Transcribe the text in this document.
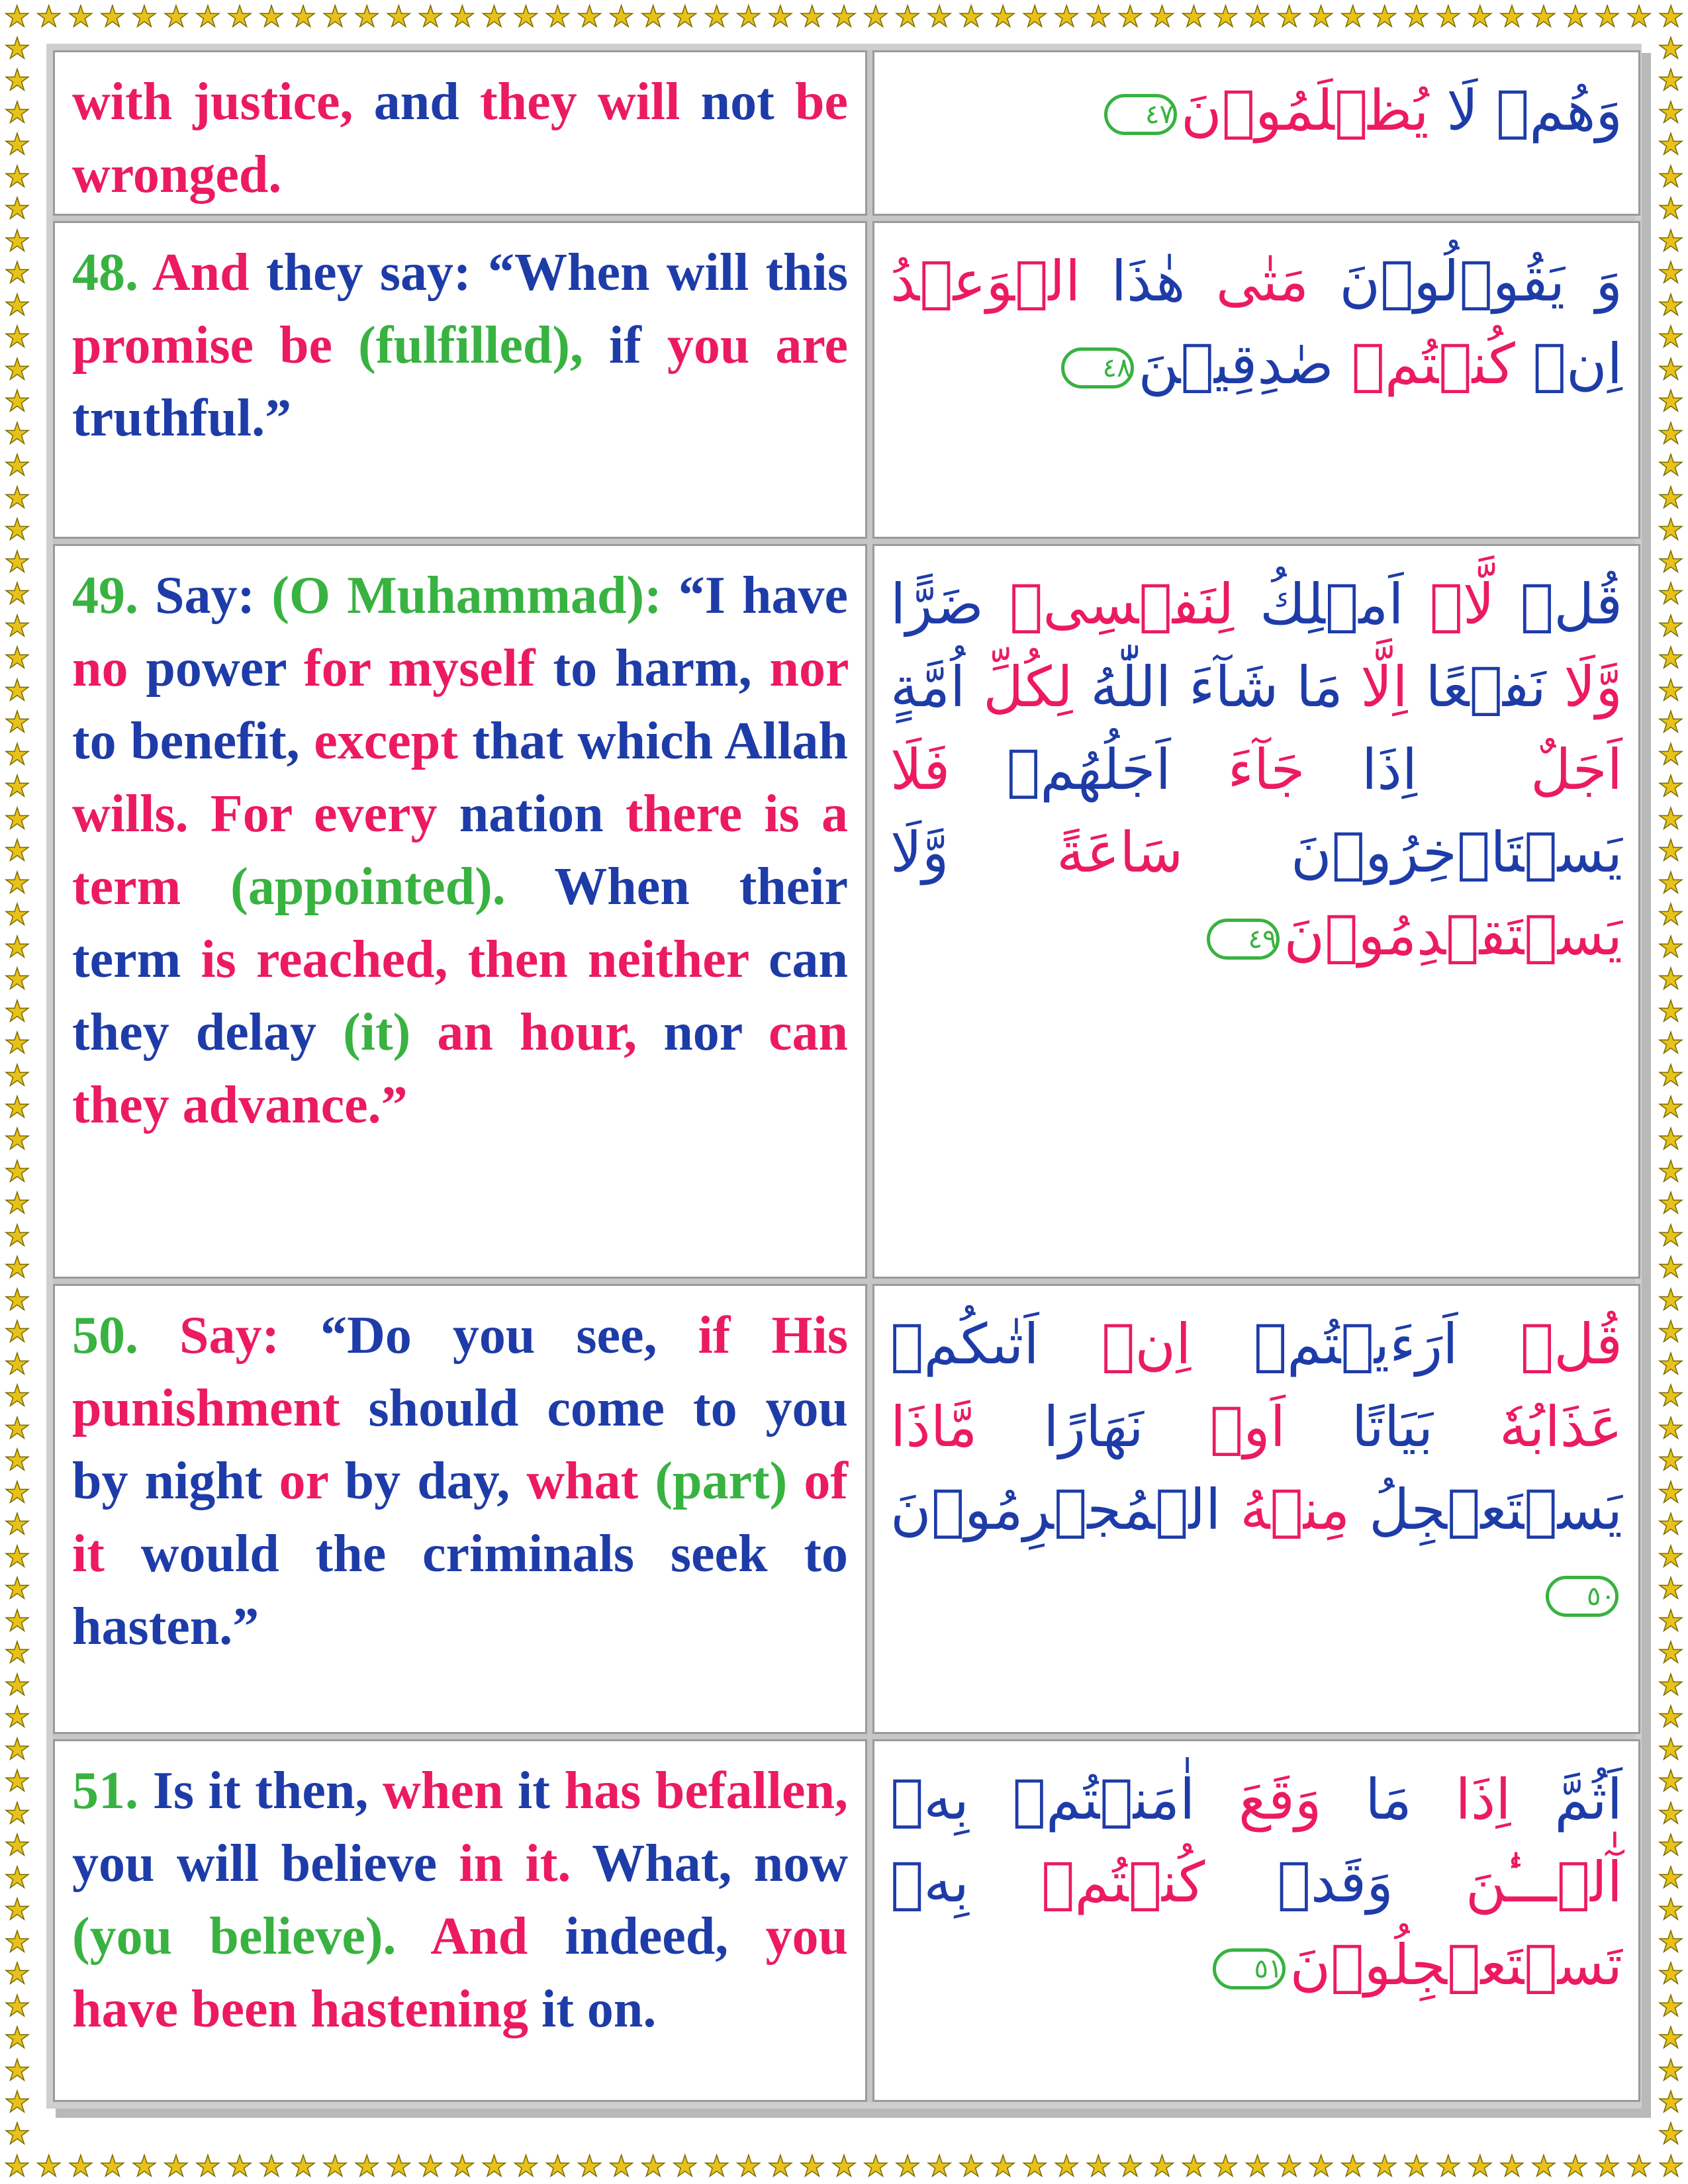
★ ★ ★ ★ ★ ★ ★ ★ ★ ★ ★ ★ ★ ★ ★ ★ ★ ★ ★ ★ ★ ★ ★ ★ ★ ★ ★ ★ ★ ★ ★ ★ ★ ★ ★ ★ ★ ★ ★ ★ ★ ★ ★ ★ ★ ★ ★ ★ ★ ★ ★ ★ ★
★ ★ ★ ★ ★ ★ ★ ★ ★ ★ ★ ★ ★ ★ ★ ★ ★ ★ ★ ★ ★ ★ ★ ★ ★ ★ ★ ★ ★ ★ ★ ★ ★ ★ ★ ★ ★ ★ ★ ★ ★ ★ ★ ★ ★ ★ ★ ★ ★ ★ ★ ★ ★
★
★
★
★
★
★
★
★
★
★
★
★
★
★
★
★
★
★
★
★
★
★
★
★
★
★
★
★
★
★
★
★
★
★
★
★
★
★
★
★
★
★
★
★
★
★
★
★
★
★
★
★
★
★
★
★
★
★
★
★
★
★
★
★
★
★
★
★
★
★
★
★
★
★
★
★
★
★
★
★
★
★
★
★
★
★
★
★
★
★
★
★
★
★
★
★
★
★
★
★
★
★
★
★
★
★
★
★
★
★
★
★
★
★
★
★
★
★
★
★
★
★
★
★
★
★
★
★
★
★
★
★
with justice, and they will not be wronged.
وَهُمۡ لَا يُظۡلَمُوۡنَ٤٧
48. And they say: “When will this promise be (fulfilled), if you are truthful.”
وَ يَقُوۡلُوۡنَ مَتٰى هٰذَا الۡوَعۡدُ اِنۡ كُنۡتُمۡ صٰدِقِيۡنَ٤٨
49. Say: (O Muhammad): “I have no power for myself to harm, nor to benefit, except that which Allah wills. For every nation there is a term (appointed). When their term is reached, then neither can they delay (it) an hour, nor can they advance.”
قُلۡ لَّاۤ اَمۡلِكُ لِنَفۡسِىۡ ضَرًّا وَّلَا نَفۡعًا اِلَّا مَا شَآءَ اللّٰهُ​ لِكُلِّ اُمَّةٍ اَجَلٌ ​ اِذَا جَآءَ اَجَلُهُمۡ فَلَا يَسۡتَاۡخِرُوۡنَ سَاعَةً وَّلَا يَسۡتَقۡدِمُوۡنَ٤٩
50. Say: “Do you see, if His punishment should come to you by night or by day, what (part) of it would the criminals seek to hasten.”
قُلۡ اَرَءَيۡتُمۡ اِنۡ اَتٰٮكُمۡ عَذَابُهٗ بَيَاتًا اَوۡ نَهَارًا مَّاذَا يَسۡتَعۡجِلُ مِنۡهُ الۡمُجۡرِمُوۡنَ٥٠
51. Is it then, when it has befallen, you will believe in it. What, now (you believe). And indeed, you have been hastening it on.
اَثُمَّ اِذَا مَا وَقَعَ اٰمَنۡتُمۡ بِهٖ​ آٰلۡـــٰٔنَ وَقَدۡ كُنۡتُمۡ بِهٖ تَسۡتَعۡجِلُوۡنَ٥١
